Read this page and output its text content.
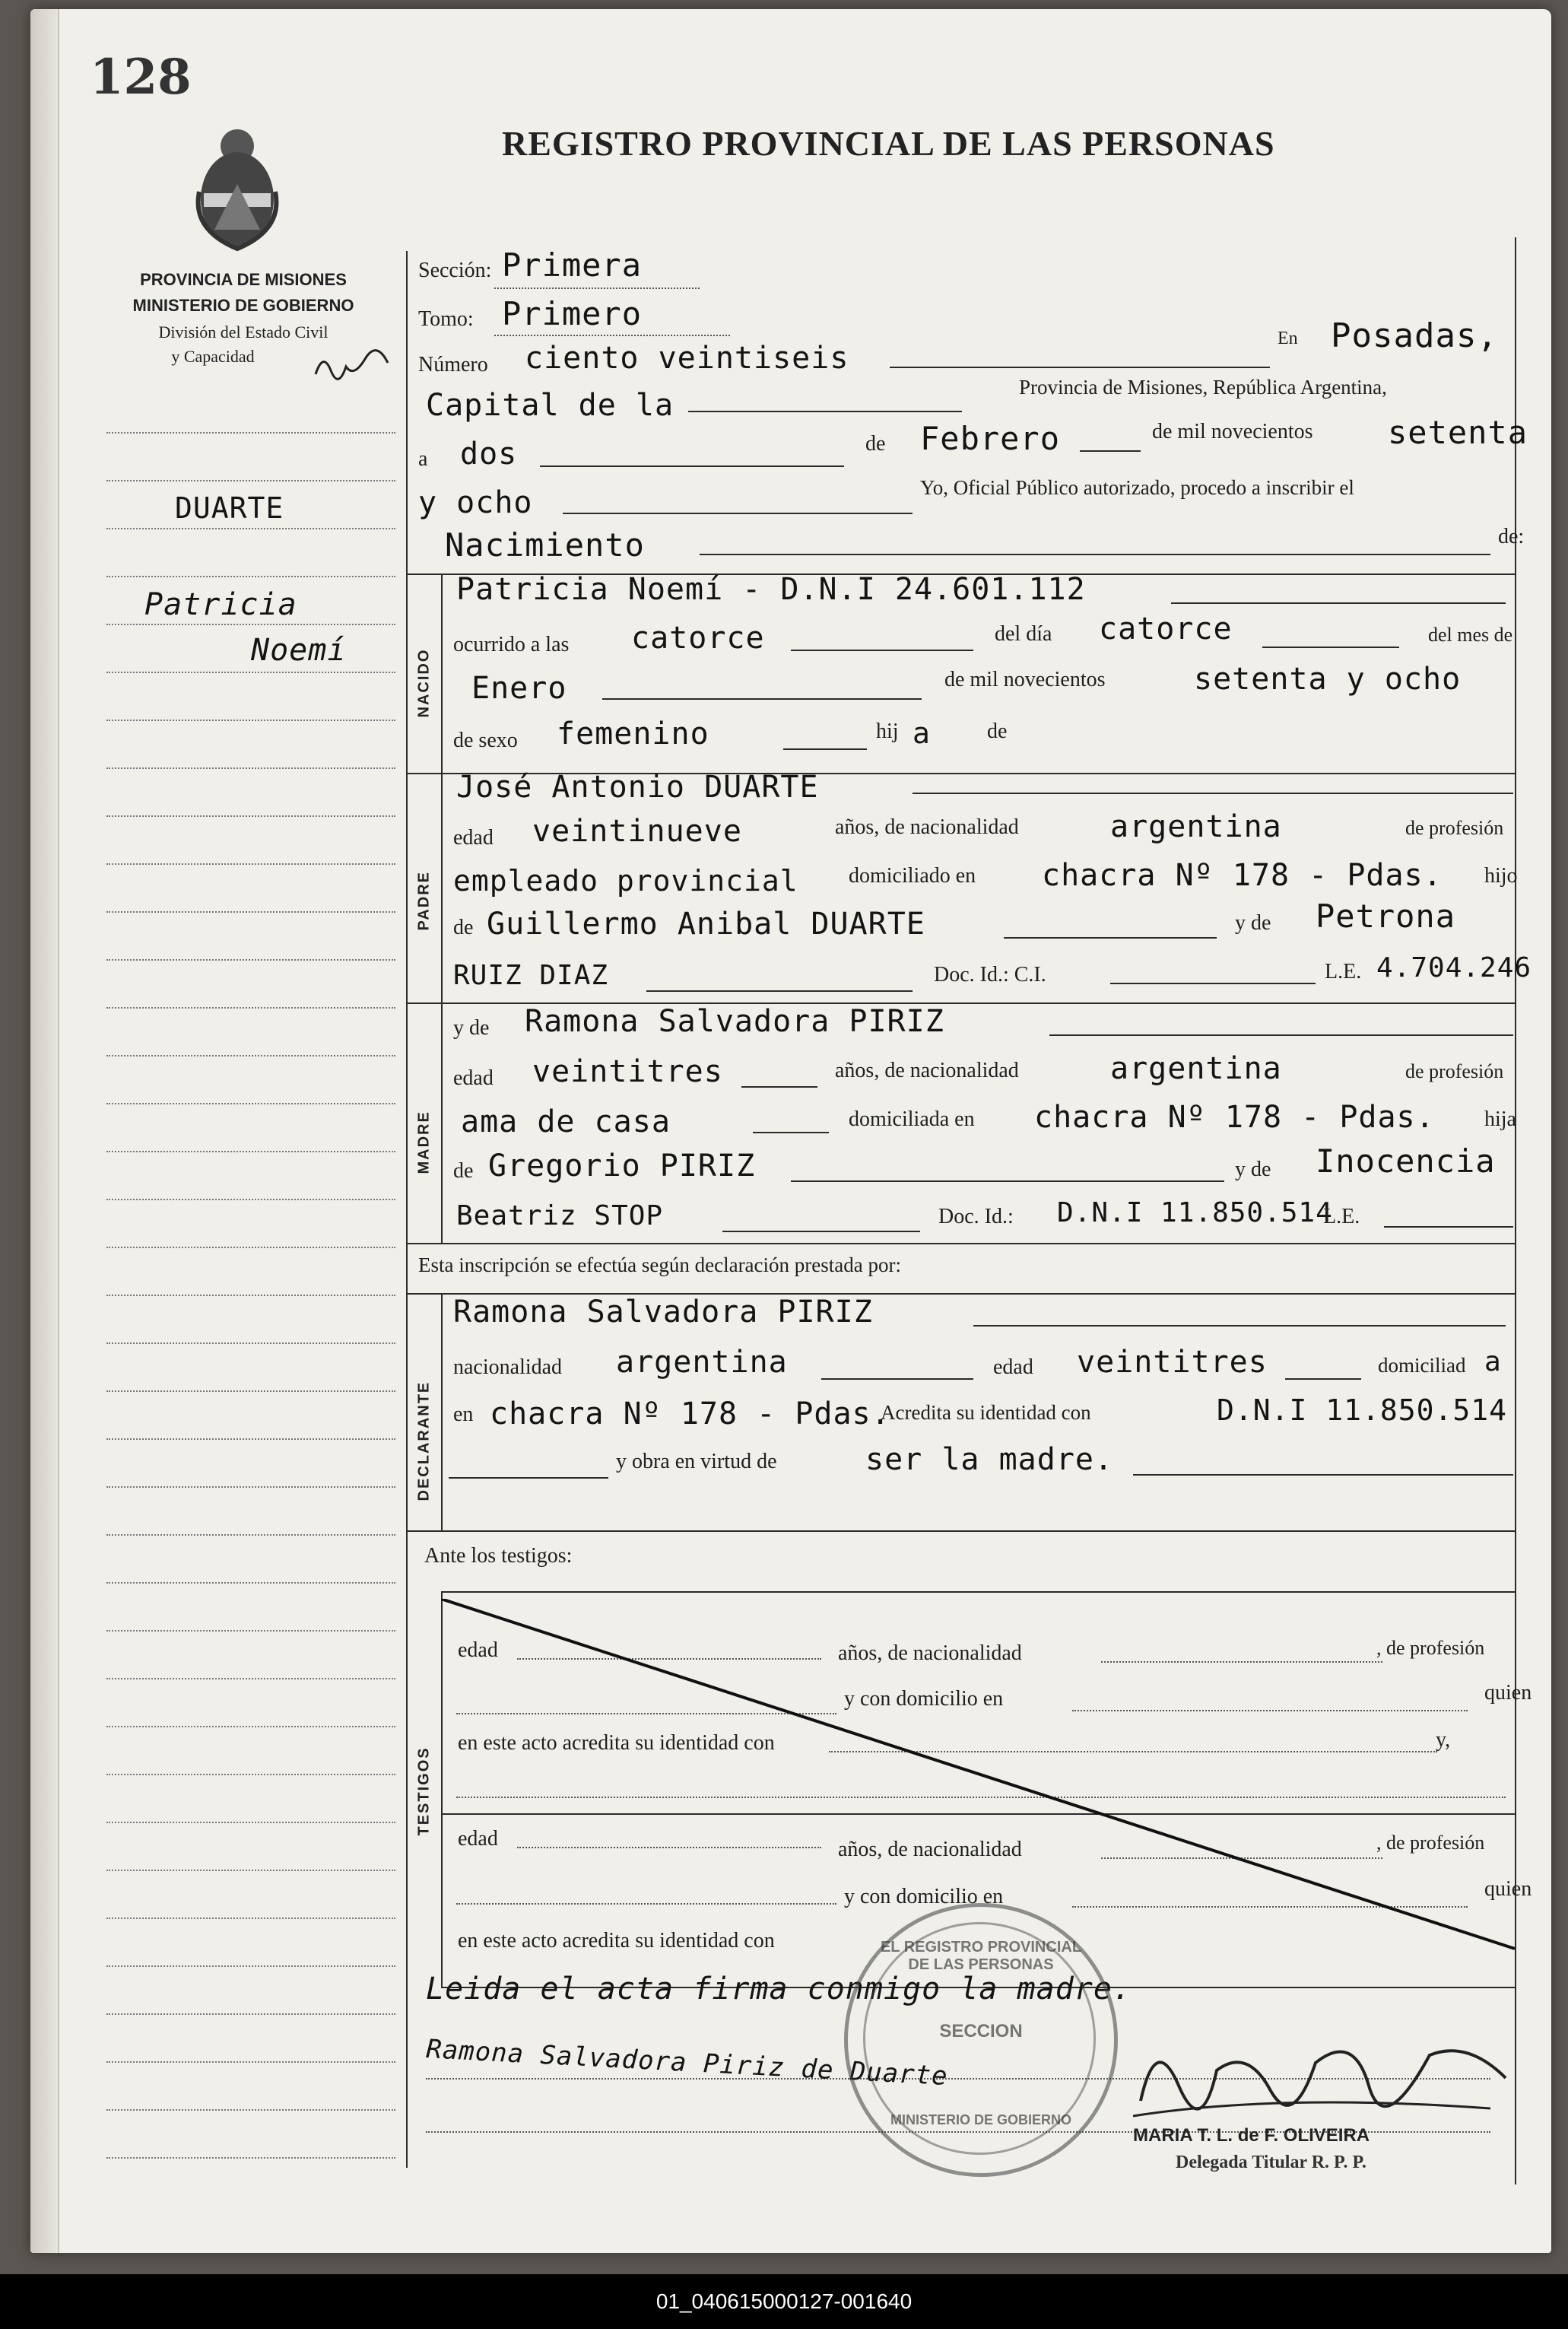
128
REGISTRO PROVINCIAL DE LAS PERSONAS
PROVINCIA DE MISIONES
MINISTERIO DE GOBIERNO
División del Estado Civil
y Capacidad
DUARTE
Patricia
Noemí
Sección: Primera
Tomo: Primero
Número ciento veintiseis
En Posadas,
Capital de la
Provincia de Misiones, República Argentina,
a dos	de Febrero	de mil novecientos setenta
y ocho	Yo, Oficial Público autorizado, procedo a inscribir el
Nacimiento	de:
NACIDO
Patricia Noemí - D.N.I 24.601.112
ocurrido a las catorce	del día catorce	del mes de
Enero	de mil novecientos	setenta y ocho
de sexo femenino	hij a	de
PADRE
José Antonio DUARTE
edad veintinueve	años, de nacionalidad	argentina	de profesión
empleado provincial domiciliado en chacra Nº 178 - Pdas. hijo
de Guillermo Anibal DUARTE	y de Petrona
RUIZ DIAZ	Doc. Id.: C.I.	L.E. 4.704.246
MADRE
y de Ramona Salvadora PIRIZ
edad veintitres	años, de nacionalidad	argentina	de profesión
ama de casa	domiciliada en chacra Nº 178 - Pdas. hija
de Gregorio PIRIZ	y de Inocencia
Beatriz STOP	Doc. Id.: D.N.I 11.850.514
L.E.
Esta inscripción se efectúa según declaración prestada por:
DECLARANTE
Ramona Salvadora PIRIZ
nacionalidad argentina	edad veintitres	domiciliad a
en chacra Nº 178 - Pdas.
Acredita su identidad con	D.N.I 11.850.514
y obra en virtud de	ser la madre.
Ante los testigos:
TESTIGOS
edad	años, de nacionalidad	, de profesión
y con domicilio en	quien
en este acto acredita su identidad con	y,
edad	años, de nacionalidad	, de profesión
y con domicilio en	quien
en este acto acredita su identidad con
Leida el acta firma conmigo la madre.
Ramona Salvadora Piriz de Duarte
EL REGISTRO PROVINCIAL DE LAS PERSONAS
SECCION
MINISTERIO DE GOBIERNO
MARIA T. L. de F. OLIVEIRA
Delegada Titular R. P. P.
01_040615000127-001640
